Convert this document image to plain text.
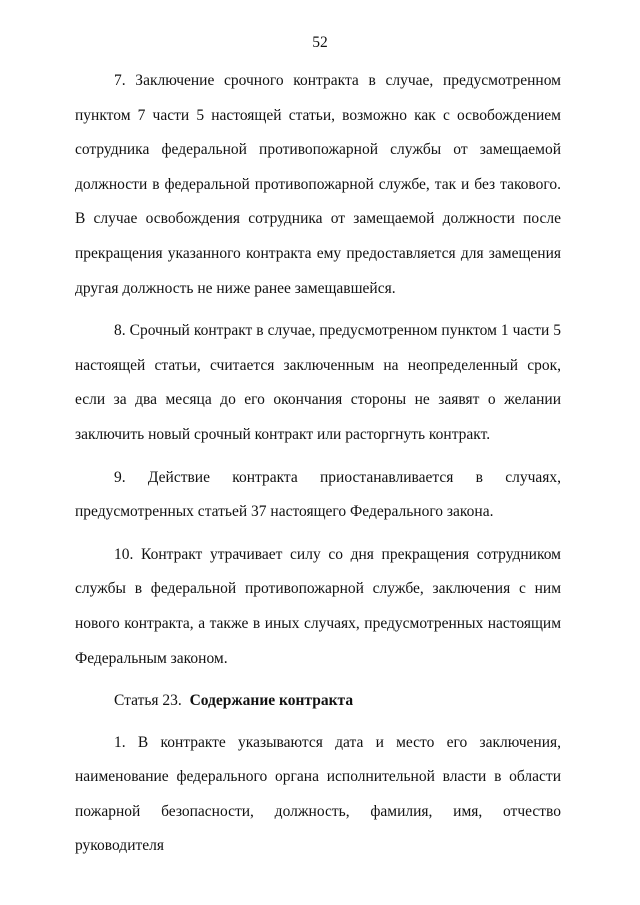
52

7. Заключение срочного контракта в случае, предусмотренном пунктом 7 части 5 настоящей статьи, возможно как с освобождением сотрудника федеральной противопожарной службы от замещаемой должности в федеральной противопожарной службе, так и без такового. В случае освобождения сотрудника от замещаемой должности после прекращения указанного контракта ему предоставляется для замещения другая должность не ниже ранее замещавшейся.

8. Срочный контракт в случае, предусмотренном пунктом 1 части 5 настоящей статьи, считается заключенным на неопределенный срок, если за два месяца до его окончания стороны не заявят о желании заключить новый срочный контракт или расторгнуть контракт.

9. Действие контракта приостанавливается в случаях, предусмотренных статьей 37 настоящего Федерального закона.

10. Контракт утрачивает силу со дня прекращения сотрудником службы в федеральной противопожарной службе, заключения с ним нового контракта, а также в иных случаях, предусмотренных настоящим Федеральным законом.

Статья 23. Содержание контракта

1. В контракте указываются дата и место его заключения, наименование федерального органа исполнительной власти в области пожарной безопасности, должность, фамилия, имя, отчество руководителя
